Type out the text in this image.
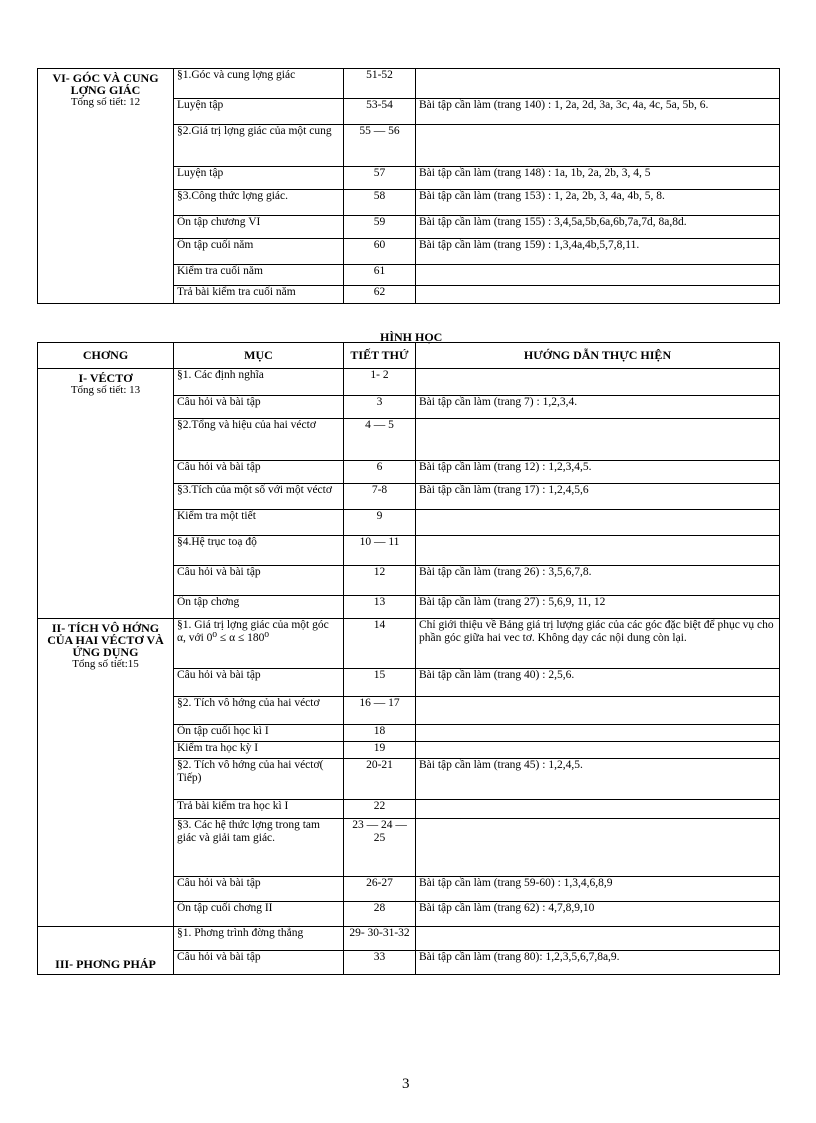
VI- GÓC VÀ CUNG LỢNG GIÁC
Tổng số tiết: 12	§1.Góc và cung lợng giác	51-52	
	Luyện tập	53-54	Bài tập cần làm (trang 140) : 1, 2a, 2d, 3a, 3c, 4a, 4c, 5a, 5b, 6.
	§2.Giá trị lợng giác của một cung	55 — 56	
	Luyện tập	57	Bài tập cần làm (trang 148) : 1a, 1b, 2a, 2b, 3, 4, 5
	§3.Công thức lợng giác.	58	Bài tập cần làm (trang 153) : 1, 2a, 2b, 3, 4a, 4b, 5, 8.
	Ôn tập chương VI	59	Bài tập cần làm (trang 155) : 3,4,5a,5b,6a,6b,7a,7d, 8a,8d.
	Ôn tập cuối năm	60	Bài tập cần làm (trang 159) : 1,3,4a,4b,5,7,8,11.
	Kiểm tra cuối năm	61	
	Trả bài kiểm tra cuối năm	62	
HÌNH HỌC
CHƠNG	MỤC	TIẾT THỨ	HƯỚNG DẪN THỰC HIỆN

I- VÉCTƠ
Tổng số tiết: 13	§1. Các định nghĩa	1- 2	
	Câu hỏi và bài tập	3	Bài tập cần làm (trang 7) : 1,2,3,4.
	§2.Tổng và hiệu của hai véctơ	4 — 5	
	Câu hỏi và bài tập	6	Bài tập cần làm (trang 12) : 1,2,3,4,5.
	§3.Tích của một số với một véctơ	7-8	Bài tập cần làm (trang 17) : 1,2,4,5,6
	Kiểm tra một tiết	9	
	§4.Hệ trục toạ độ	10 — 11	
	Câu hỏi và bài tập	12	Bài tập cần làm (trang 26) : 3,5,6,7,8.
	Ôn tập chơng	13	Bài tập cần làm (trang 27) : 5,6,9, 11, 12

II- TÍCH VÔ HỚNG CỦA HAI VÉCTƠ VÀ ỨNG DỤNG
Tổng số tiết:15	§1. Giá trị lợng giác của một góc α, với 0⁰ ≤ α ≤ 180⁰	14	Chỉ giới thiệu về Bảng giá trị lượng giác của các góc đặc biệt để phục vụ cho phần góc giữa hai vec tơ. Không dạy các nội dung còn lại.
	Câu hỏi và bài tập	15	Bài tập cần làm (trang 40) : 2,5,6.
	§2. Tích vô hớng của hai véctơ	16 — 17	
	Ôn tập cuối học kì I	18	
	Kiểm tra học kỳ I	19	
	§2. Tích vô hớng của hai véctơ( Tiếp)	20-21	Bài tập cần làm (trang 45) : 1,2,4,5.
	Trả bài kiểm tra học kì I	22	
	§3. Các hệ thức lợng trong tam giác và giải tam giác.	23 — 24 — 25	
	Câu hỏi và bài tập	26-27	Bài tập cần làm (trang 59-60) : 1,3,4,6,8,9
	Ôn tập cuối chơng II	28	Bài tập cần làm (trang 62) : 4,7,8,9,10

III- PHƠNG PHÁP	§1. Phơng trình đờng thẳng	29- 30-31-32	
	Câu hỏi và bài tập	33	Bài tập cần làm (trang 80): 1,2,3,5,6,7,8a,9.
3
